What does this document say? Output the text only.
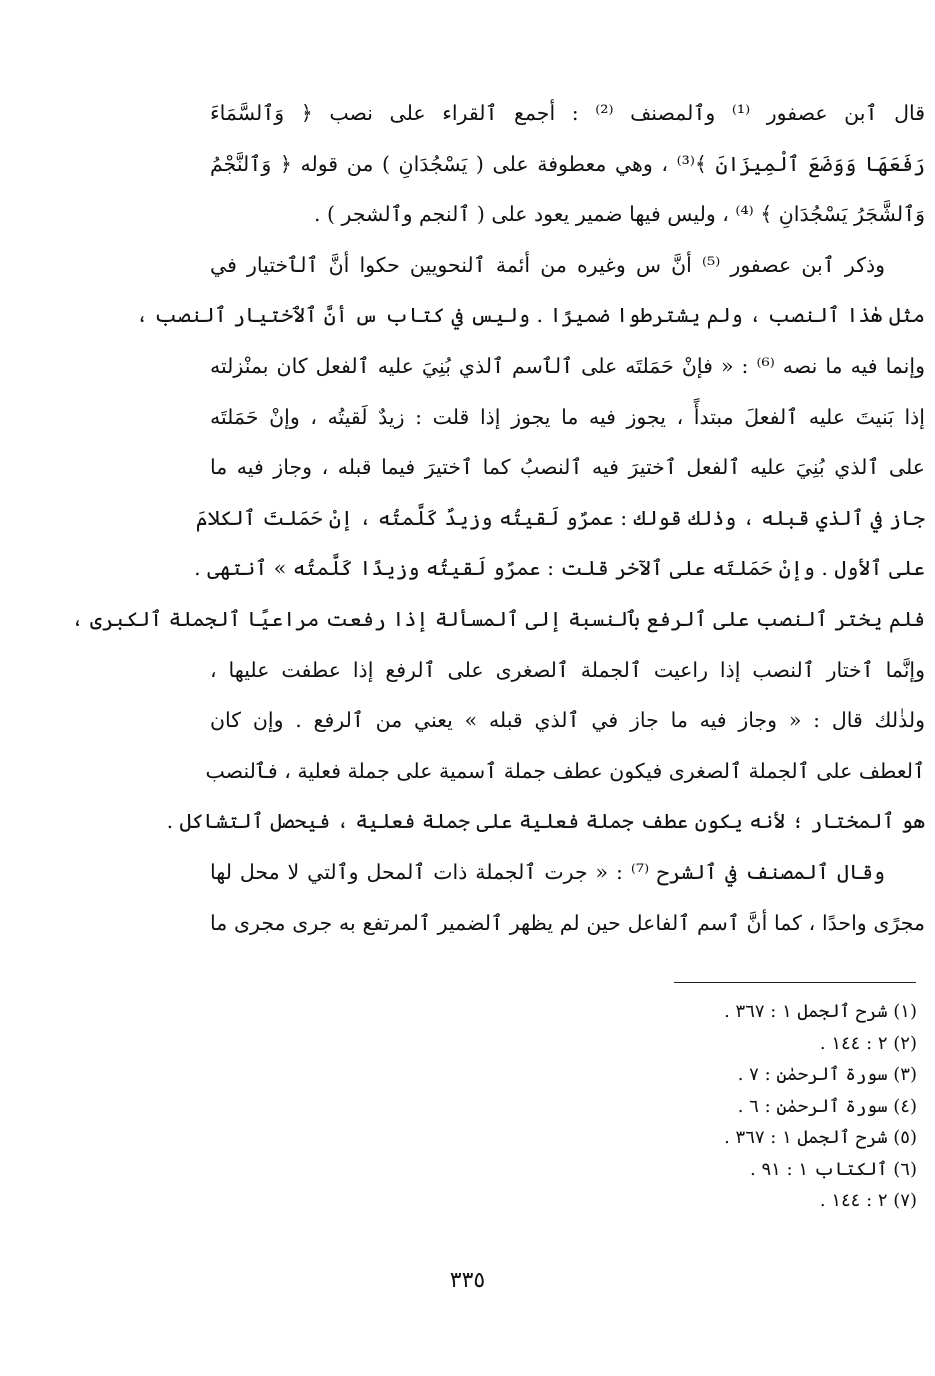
قال ٱبن عصفور ⁽¹⁾ وٱلمصنف ⁽²⁾ : أجمع ٱلقراء على نصب ﴿ وَٱلسَّمَاءَ
رَفَعَهَا وَوَضَعَ ٱلْمِيزَانَ ﴾⁽³⁾ ، وهي معطوفة على ( يَسْجُدَانِ ) من قوله ﴿ وَٱلنَّجْمُ
وَٱلشَّجَرُ يَسْجُدَانِ ﴾ ⁽⁴⁾ ، وليس فيها ضمير يعود على ( ٱلنجم وٱلشجر ) .
وذكر ٱبن عصفور ⁽⁵⁾ أنَّ س وغيره من أئمة ٱلنحويين حكوا أنَّ ٱلٱختيار في
مثل هٰذا ٱلنصب ، ولم يشترطوا ضميرًا . وليس في كتاب س أنَّ ٱلٱختيار ٱلنصب ،
وإنما فيه ما نصه ⁽⁶⁾ : « فإنْ حَمَلتَه على ٱلٱسم ٱلذي بُنِيَ عليه ٱلفعل كان بمنْزلته
إذا بَنيتَ عليه ٱلفعلَ مبتدأً ، يجوز فيه ما يجوز إذا قلت : زيدٌ لَقيتُه ، وإنْ حَمَلتَه
على ٱلذي بُنِيَ عليه ٱلفعل ٱختيرَ فيه ٱلنصبُ كما ٱختيرَ فيما قبله ، وجاز فيه ما
جاز في ٱلذي قبله ، وذٰلك قولك : عمرٌو لَقيتُه وزيدٌ كَلَّمتُه ، إنْ حَمَلتَ ٱلكلامَ
على ٱلأول . وإنْ حَمَلتَه على ٱلآخر قلت : عمرٌو لَقيتُه وزيدًا كَلَّمتُه » ٱنتهى .
فلم يختر ٱلنصب على ٱلرفع بٱلنسبة إلى ٱلمسألة إذا رفعت مراعيًا ٱلجملة ٱلكبرى ،
وإنَّما ٱختار ٱلنصب إذا راعيت ٱلجملة ٱلصغرى على ٱلرفع إذا عطفت عليها ،
ولذٰلك قال : « وجاز فيه ما جاز في ٱلذي قبله » يعني من ٱلرفع . وإن كان
ٱلعطف على ٱلجملة ٱلصغرى فيكون عطف جملة ٱسمية على جملة فعلية ، فٱلنصب
هو ٱلمختار ؛ لأنه يكون عطف جملة فعلية على جملة فعلية ، فيحصل ٱلتشاكل .
وقال ٱلمصنف في ٱلشرح ⁽⁷⁾ : « جرت ٱلجملة ذات ٱلمحل وٱلتي لا محل لها
مجرًى واحدًا ، كما أنَّ ٱسم ٱلفاعل حين لم يظهر ٱلضمير ٱلمرتفع به جرى مجرى ما
(١) شرح ٱلجمل ١ : ٣٦٧ .
(٢) ٢ : ١٤٤ .
(٣) سورة ٱلرحمٰن : ٧ .
(٤) سورة ٱلرحمٰن : ٦ .
(٥) شرح ٱلجمل ١ : ٣٦٧ .
(٦) ٱلكتاب ١ : ٩١ .
(٧) ٢ : ١٤٤ .
٣٣٥
